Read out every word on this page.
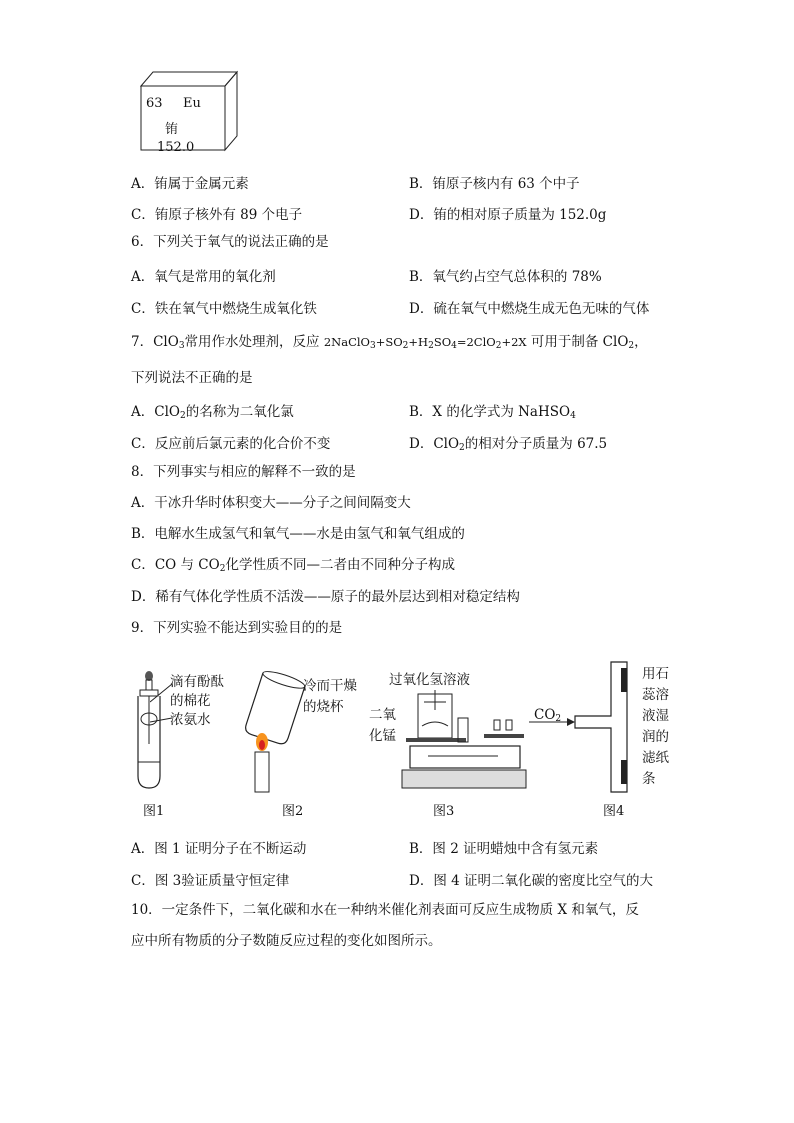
63 Eu
铕
152.0
A．铕属于金属元素	B．铕原子核内有 63 个中子
C．铕原子核外有 89 个电子	D．铕的相对原子质量为 152.0g
6．下列关于氧气的说法正确的是
A．氧气是常用的氧化剂	B．氧气约占空气总体积的 78%
C．铁在氧气中燃烧生成氧化铁	D．硫在氧气中燃烧生成无色无味的气体
7．ClO$_3$常用作水处理剂，反应 $2NaClO_3+SO_2+H_2SO_4=2ClO_2+2X$ 可用于制备 ClO$_2$，
下列说法不正确的是
A．ClO$_2$的名称为二氧化氯	B．X 的化学式为 NaHSO$_4$
C．反应前后氯元素的化合价不变	D．ClO$_2$的相对分子质量为 67.5
8．下列事实与相应的解释不一致的是
A．干冰升华时体积变大——分子之间间隔变大
B．电解水生成氢气和氧气——水是由氢气和氧气组成的
C．CO 与 $CO_2$化学性质不同—二者由不同种分子构成
D．稀有气体化学性质不活泼——原子的最外层达到相对稳定结构
9．下列实验不能达到实验目的的是
滴有酚酞
的棉花
浓氨水
图1
冷而干燥
的烧杯
图2
过氧化氢溶液
二氧
化锰
图3
$CO_2$
用石
蕊溶
液湿
润的
滤纸
条
图4
A．图 1 证明分子在不断运动	B．图 2 证明蜡烛中含有氢元素
C．图 3验证质量守恒定律	D．图 4 证明二氧化碳的密度比空气的大
10．一定条件下，二氧化碳和水在一种纳米催化剂表面可反应生成物质 X 和氧气，反
应中所有物质的分子数随反应过程的变化如图所示。
